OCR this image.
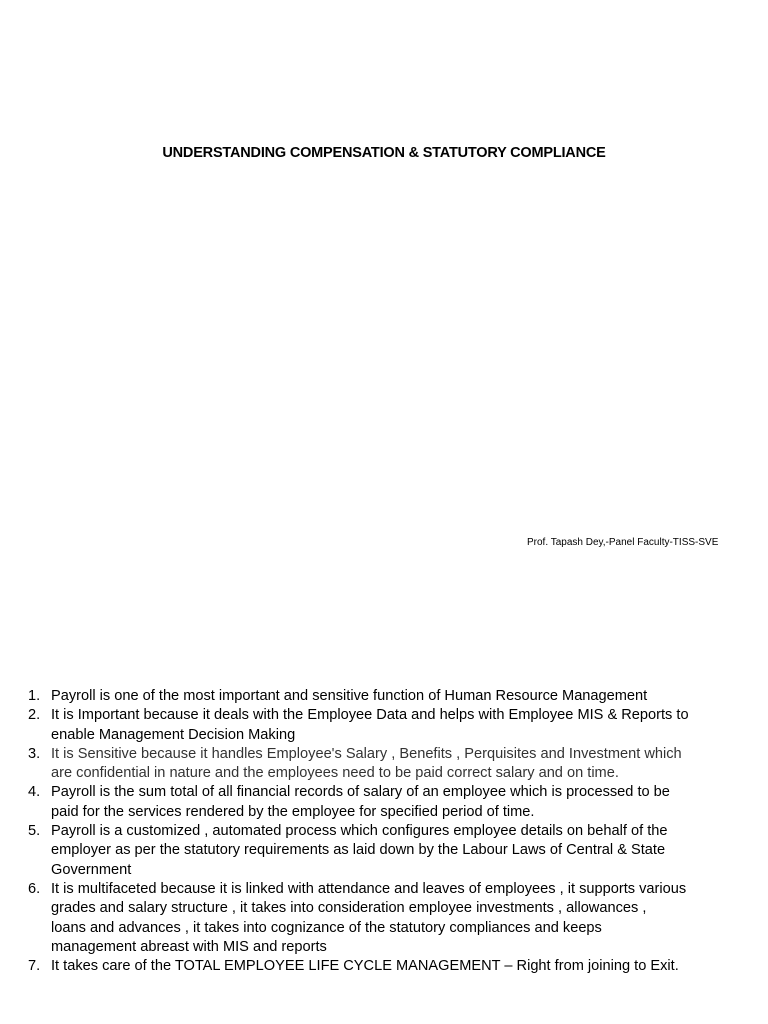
UNDERSTANDING COMPENSATION & STATUTORY COMPLIANCE
Prof. Tapash Dey,-Panel Faculty-TISS-SVE
1. Payroll is one of the most important and sensitive function of Human Resource Management
2. It is Important because it deals with the Employee Data and helps with Employee MIS & Reports to
enable Management Decision Making
3. It is Sensitive because it handles Employee's Salary , Benefits , Perquisites and Investment which
are confidential in nature and the employees need to be paid correct salary and on time.
4. Payroll is the sum total of all financial records of salary of an employee which is processed to be
paid for the services rendered by the employee for specified period of time.
5. Payroll is a customized , automated process which configures employee details on behalf of the
employer as per the statutory requirements as laid down by the Labour Laws of Central & State
Government
6. It is multifaceted because it is linked with attendance and leaves of employees , it supports various
grades and salary structure , it takes into consideration employee investments , allowances ,
loans and advances , it takes into cognizance of the statutory compliances and keeps
management abreast with MIS and reports
7. It takes care of the TOTAL EMPLOYEE LIFE CYCLE MANAGEMENT – Right from joining to Exit.
